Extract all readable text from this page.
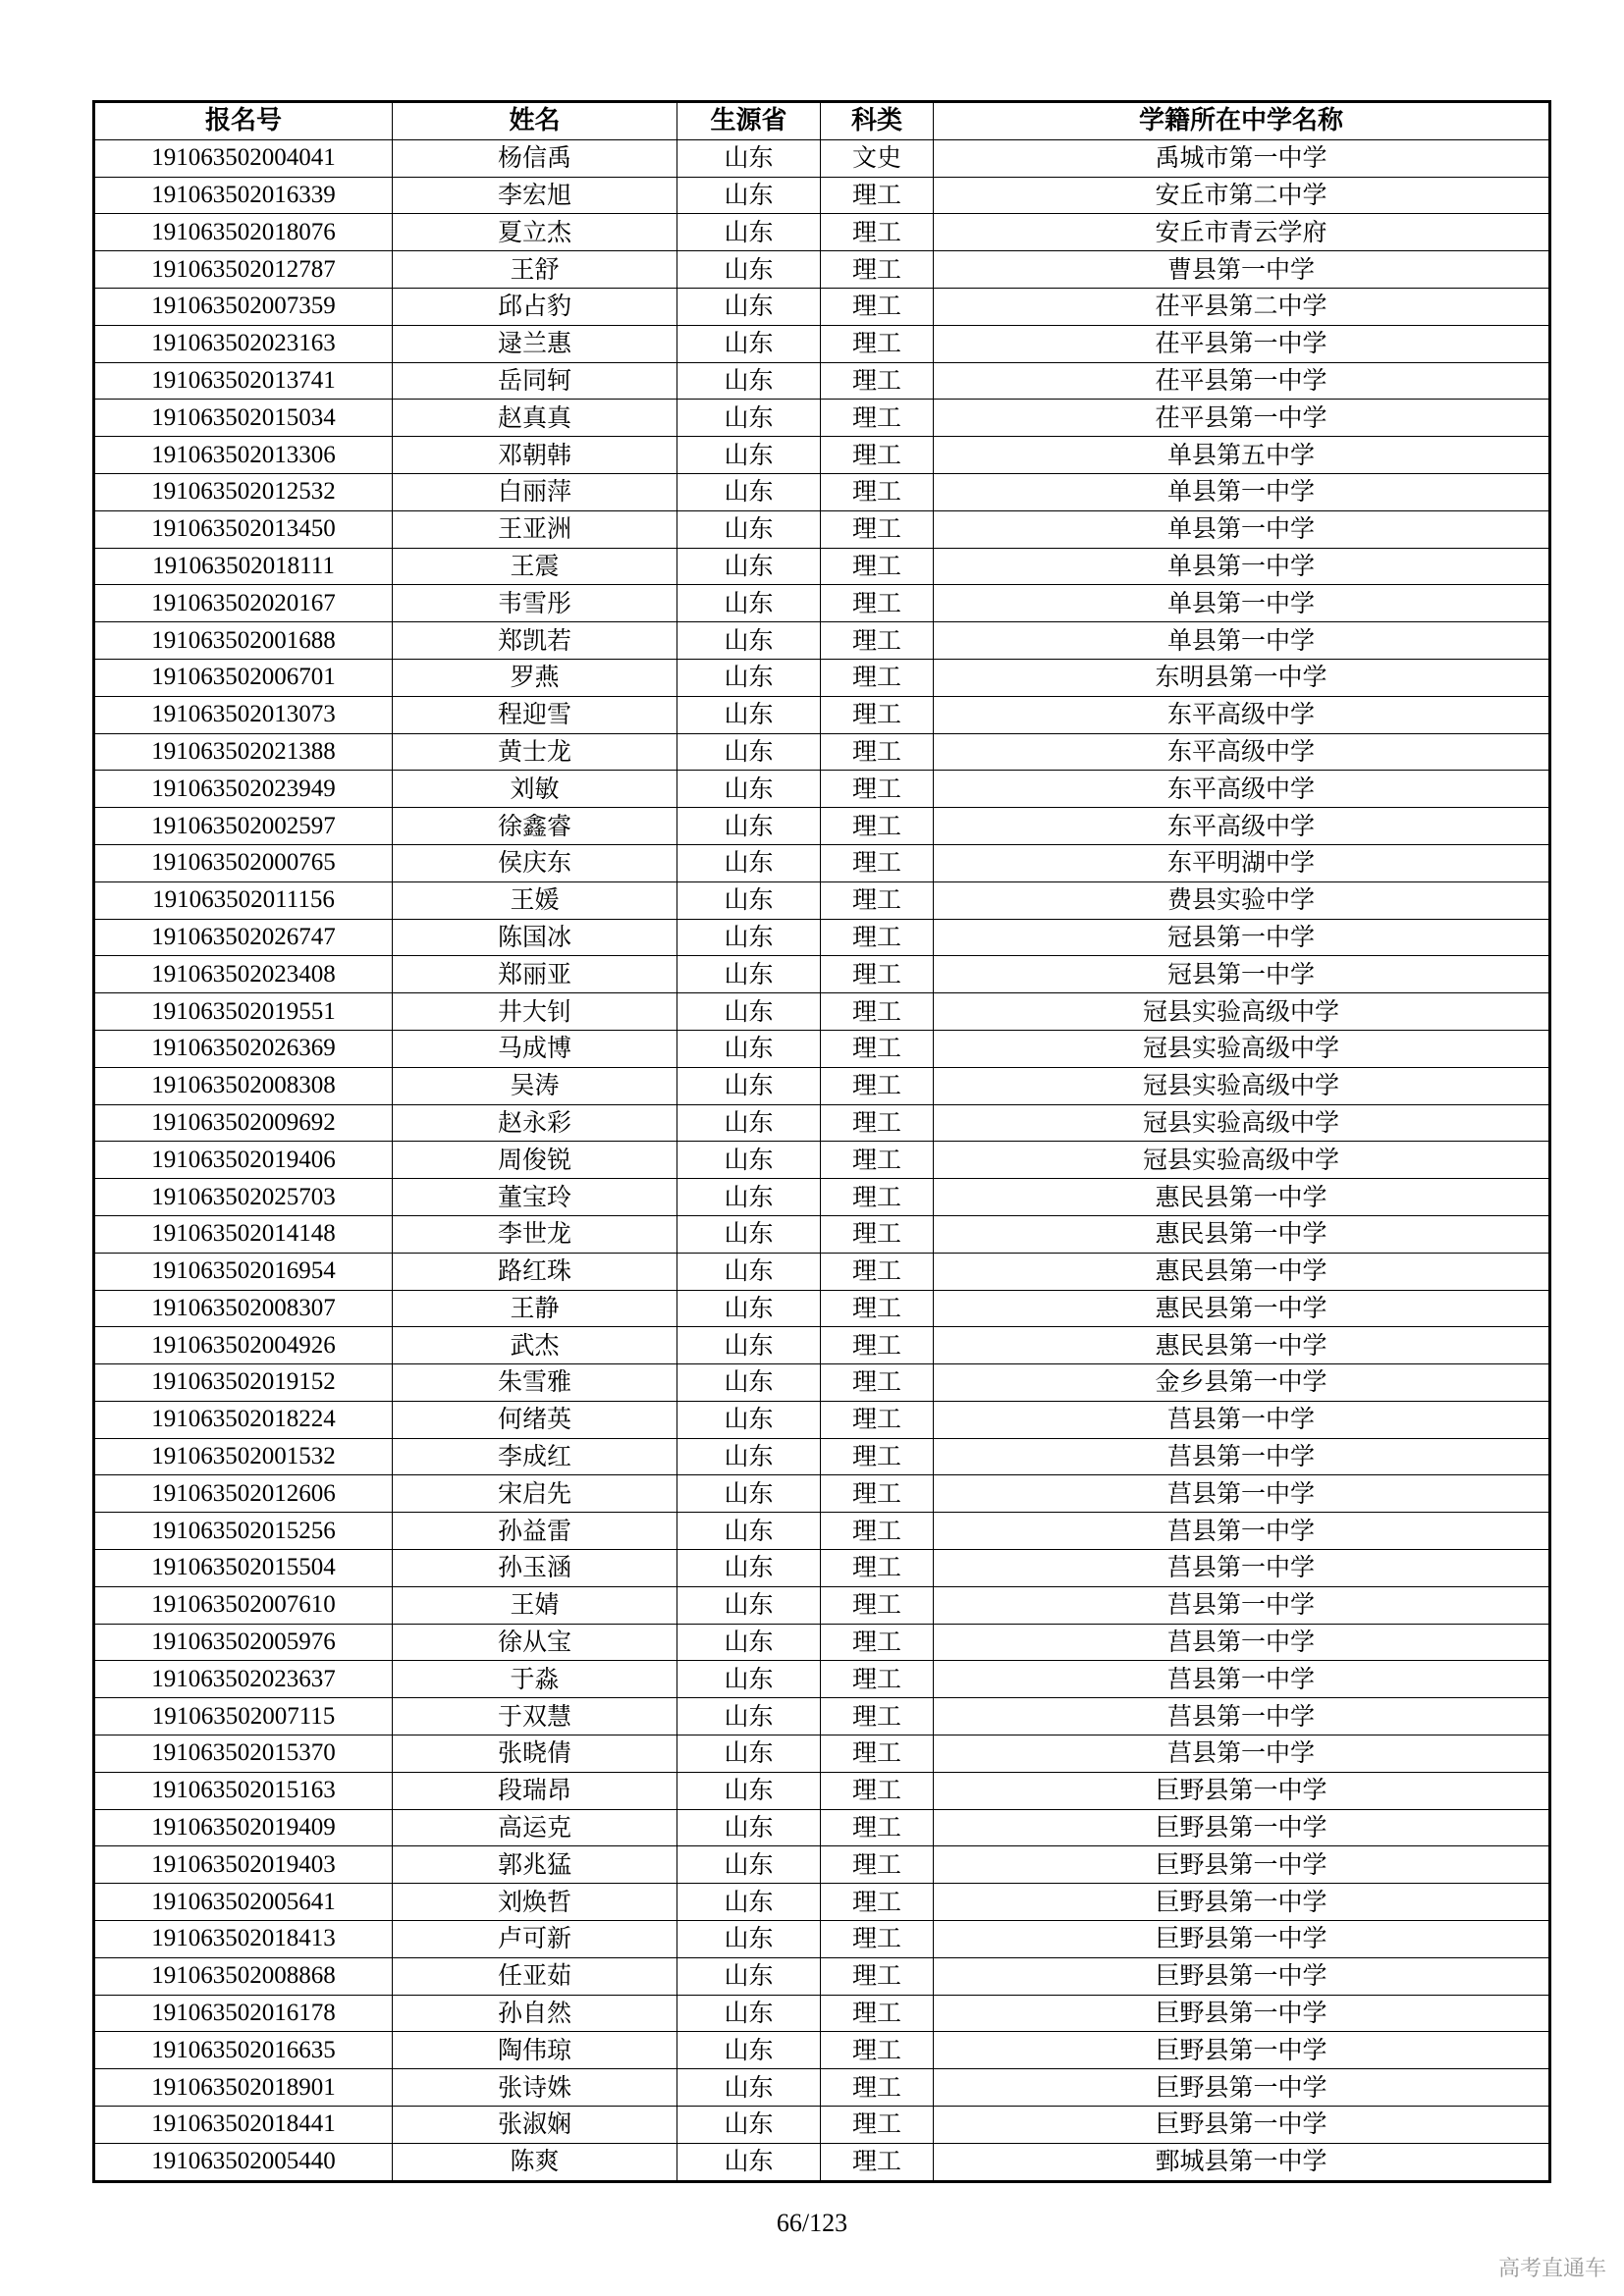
报名号	姓名	生源省	科类	学籍所在中学名称
191063502004041	杨信禹	山东	文史	禹城市第一中学
191063502016339	李宏旭	山东	理工	安丘市第二中学
191063502018076	夏立杰	山东	理工	安丘市青云学府
191063502012787	王舒	山东	理工	曹县第一中学
191063502007359	邱占豹	山东	理工	茌平县第二中学
191063502023163	逯兰惠	山东	理工	茌平县第一中学
191063502013741	岳同轲	山东	理工	茌平县第一中学
191063502015034	赵真真	山东	理工	茌平县第一中学
191063502013306	邓朝韩	山东	理工	单县第五中学
191063502012532	白丽萍	山东	理工	单县第一中学
191063502013450	王亚洲	山东	理工	单县第一中学
191063502018111	王震	山东	理工	单县第一中学
191063502020167	韦雪彤	山东	理工	单县第一中学
191063502001688	郑凯若	山东	理工	单县第一中学
191063502006701	罗燕	山东	理工	东明县第一中学
191063502013073	程迎雪	山东	理工	东平高级中学
191063502021388	黄士龙	山东	理工	东平高级中学
191063502023949	刘敏	山东	理工	东平高级中学
191063502002597	徐鑫睿	山东	理工	东平高级中学
191063502000765	侯庆东	山东	理工	东平明湖中学
191063502011156	王媛	山东	理工	费县实验中学
191063502026747	陈国冰	山东	理工	冠县第一中学
191063502023408	郑丽亚	山东	理工	冠县第一中学
191063502019551	井大钊	山东	理工	冠县实验高级中学
191063502026369	马成博	山东	理工	冠县实验高级中学
191063502008308	吴涛	山东	理工	冠县实验高级中学
191063502009692	赵永彩	山东	理工	冠县实验高级中学
191063502019406	周俊锐	山东	理工	冠县实验高级中学
191063502025703	董宝玲	山东	理工	惠民县第一中学
191063502014148	李世龙	山东	理工	惠民县第一中学
191063502016954	路红珠	山东	理工	惠民县第一中学
191063502008307	王静	山东	理工	惠民县第一中学
191063502004926	武杰	山东	理工	惠民县第一中学
191063502019152	朱雪雅	山东	理工	金乡县第一中学
191063502018224	何绪英	山东	理工	莒县第一中学
191063502001532	李成红	山东	理工	莒县第一中学
191063502012606	宋启先	山东	理工	莒县第一中学
191063502015256	孙益雷	山东	理工	莒县第一中学
191063502015504	孙玉涵	山东	理工	莒县第一中学
191063502007610	王婧	山东	理工	莒县第一中学
191063502005976	徐从宝	山东	理工	莒县第一中学
191063502023637	于淼	山东	理工	莒县第一中学
191063502007115	于双慧	山东	理工	莒县第一中学
191063502015370	张晓倩	山东	理工	莒县第一中学
191063502015163	段瑞昂	山东	理工	巨野县第一中学
191063502019409	高运克	山东	理工	巨野县第一中学
191063502019403	郭兆猛	山东	理工	巨野县第一中学
191063502005641	刘焕哲	山东	理工	巨野县第一中学
191063502018413	卢可新	山东	理工	巨野县第一中学
191063502008868	任亚茹	山东	理工	巨野县第一中学
191063502016178	孙自然	山东	理工	巨野县第一中学
191063502016635	陶伟琼	山东	理工	巨野县第一中学
191063502018901	张诗姝	山东	理工	巨野县第一中学
191063502018441	张淑娴	山东	理工	巨野县第一中学
191063502005440	陈爽	山东	理工	鄄城县第一中学
66/123
高考直通车
